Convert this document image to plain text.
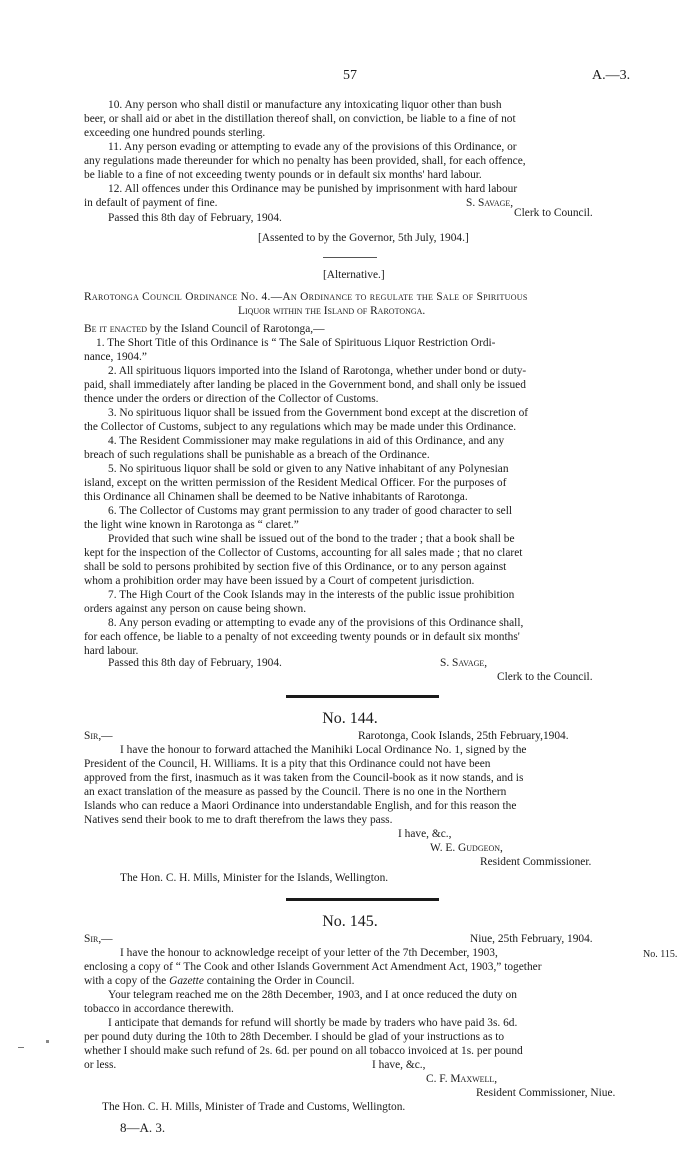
57	A.—3.
10. Any person who shall distil or manufacture any intoxicating liquor other than bush
beer, or shall aid or abet in the distillation thereof shall, on conviction, be liable to a fine of not
exceeding one hundred pounds sterling.
11. Any person evading or attempting to evade any of the provisions of this Ordinance, or
any regulations made thereunder for which no penalty has been provided, shall, for each offence,
be liable to a fine of not exceeding twenty pounds or in default six months' hard labour.
12. All offences under this Ordinance may be punished by imprisonment with hard labour
in default of payment of fine.	S. Savage,
Clerk to Council.
Passed this 8th day of February, 1904.
[Assented to by the Governor, 5th July, 1904.]
[Alternative.]
Rarotonga Council Ordinance No. 4.—An Ordinance to regulate the Sale of Spirituous
Liquor within the Island of Rarotonga.
Be it enacted by the Island Council of Rarotonga,—
1. The Short Title of this Ordinance is “ The Sale of Spirituous Liquor Restriction Ordi-
nance, 1904.”
2. All spirituous liquors imported into the Island of Rarotonga, whether under bond or duty-
paid, shall immediately after landing be placed in the Government bond, and shall only be issued
thence under the orders or direction of the Collector of Customs.
3. No spirituous liquor shall be issued from the Government bond except at the discretion of
the Collector of Customs, subject to any regulations which may be made under this Ordinance.
4. The Resident Commissioner may make regulations in aid of this Ordinance, and any
breach of such regulations shall be punishable as a breach of the Ordinance.
5. No spirituous liquor shall be sold or given to any Native inhabitant of any Polynesian
island, except on the written permission of the Resident Medical Officer. For the purposes of
this Ordinance all Chinamen shall be deemed to be Native inhabitants of Rarotonga.
6. The Collector of Customs may grant permission to any trader of good character to sell
the light wine known in Rarotonga as “ claret.”
Provided that such wine shall be issued out of the bond to the trader ; that a book shall be
kept for the inspection of the Collector of Customs, accounting for all sales made ; that no claret
shall be sold to persons prohibited by section five of this Ordinance, or to any person against
whom a prohibition order may have been issued by a Court of competent jurisdiction.
7. The High Court of the Cook Islands may in the interests of the public issue prohibition
orders against any person on cause being shown.
8. Any person evading or attempting to evade any of the provisions of this Ordinance shall,
for each offence, be liable to a penalty of not exceeding twenty pounds or in default six months'
hard labour.
Passed this 8th day of February, 1904.	S. Savage,
Clerk to the Council.
No. 144.
Sir,—	Rarotonga, Cook Islands, 25th February,1904.
I have the honour to forward attached the Manihiki Local Ordinance No. 1, signed by the
President of the Council, H. Williams. It is a pity that this Ordinance could not have been
approved from the first, inasmuch as it was taken from the Council-book as it now stands, and is
an exact translation of the measure as passed by the Council. There is no one in the Northern
Islands who can reduce a Maori Ordinance into understandable English, and for this reason the
Natives send their book to me to draft therefrom the laws they pass.
I have, &c.,
W. E. Gudgeon,
Resident Commissioner.
The Hon. C. H. Mills, Minister for the Islands, Wellington.
No. 145.
Sir,—	Niue, 25th February, 1904.
I have the honour to acknowledge receipt of your letter of the 7th December, 1903,	No. 115.
enclosing a copy of “ The Cook and other Islands Government Act Amendment Act, 1903,” together
with a copy of the Gazette containing the Order in Council.
Your telegram reached me on the 28th December, 1903, and I at once reduced the duty on
tobacco in accordance therewith.
I anticipate that demands for refund will shortly be made by traders who have paid 3s. 6d.
per pound duty during the 10th to 28th December. I should be glad of your instructions as to
whether I should make such refund of 2s. 6d. per pound on all tobacco invoiced at 1s. per pound
or less.	I have, &c.,
C. F. Maxwell,
Resident Commissioner, Niue.
The Hon. C. H. Mills, Minister of Trade and Customs, Wellington.
8—A. 3.
